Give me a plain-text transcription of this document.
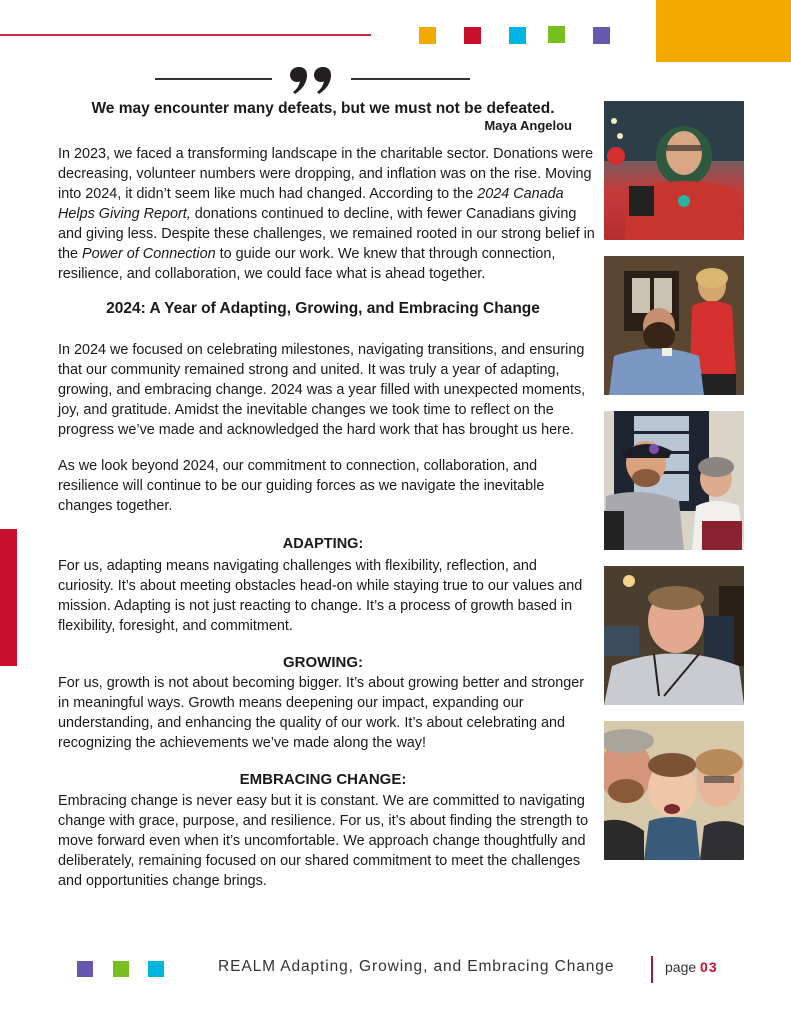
We may encounter many defeats, but we must not be defeated.
Maya Angelou

In 2023, we faced a transforming landscape in the charitable sector. Donations were decreasing, volunteer numbers were dropping, and inflation was on the rise. Moving into 2024, it didn’t seem like much had changed. According to the 2024 Canada Helps Giving Report, donations continued to decline, with fewer Canadians giving and giving less. Despite these challenges, we remained rooted in our strong belief in the Power of Connection to guide our work. We knew that through connection, resilience, and collaboration, we could face what is ahead together.

2024: A Year of Adapting, Growing, and Embracing Change

In 2024 we focused on celebrating milestones, navigating transitions, and ensuring that our community remained strong and united. It was truly a year of adapting, growing, and embracing change. 2024 was a year filled with unexpected moments, joy, and gratitude. Amidst the inevitable changes we took time to reflect on the progress we’ve made and acknowledged the hard work that has brought us here.

As we look beyond 2024, our commitment to connection, collaboration, and resilience will continue to be our guiding forces as we navigate the inevitable changes together.

ADAPTING:

For us, adapting means navigating challenges with flexibility, reflection, and curiosity. It’s about meeting obstacles head-on while staying true to our values and mission. Adapting is not just reacting to change. It’s a process of growth based in flexibility, foresight, and commitment.

GROWING:

For us, growth is not about becoming bigger. It’s about growing better and stronger in meaningful ways. Growth means deepening our impact, expanding our understanding, and enhancing the quality of our work. It’s about celebrating and recognizing the achievements we’ve made along the way!

EMBRACING CHANGE:

Embracing change is never easy but it is constant. We are committed to navigating change with grace, purpose, and resilience. For us, it’s about finding the strength to move forward even when it’s uncomfortable. We approach change thoughtfully and deliberately, remaining focused on our shared commitment to meet the challenges and opportunities change brings.

REALM Adapting, Growing, and Embracing Change	page 03
